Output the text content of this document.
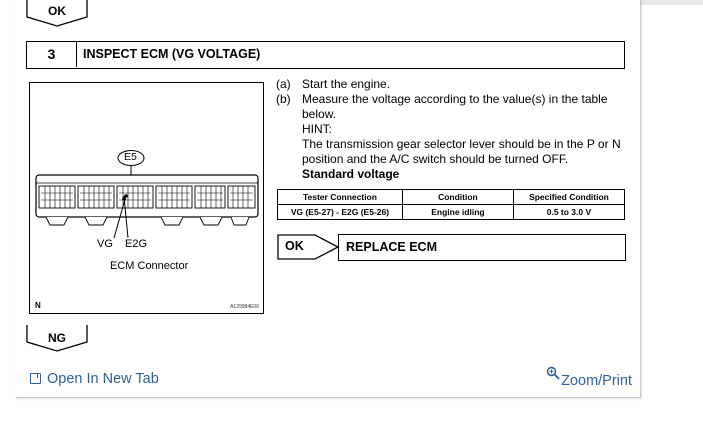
OK
3	INSPECT ECM (VG VOLTAGE)
E5
VG E2G
ECM Connector
N	A129984E06
(a) Start the engine.
(b) Measure the voltage according to the value(s) in the table below.
HINT:
The transmission gear selector lever should be in the P or N position and the A/C switch should be turned OFF.
Standard voltage
Tester Connection	Condition	Specified Condition
VG (E5-27) - E2G (E5-26)	Engine idling	0.5 to 3.0 V
OK	REPLACE ECM
NG
Open In New Tab	Zoom/Print
